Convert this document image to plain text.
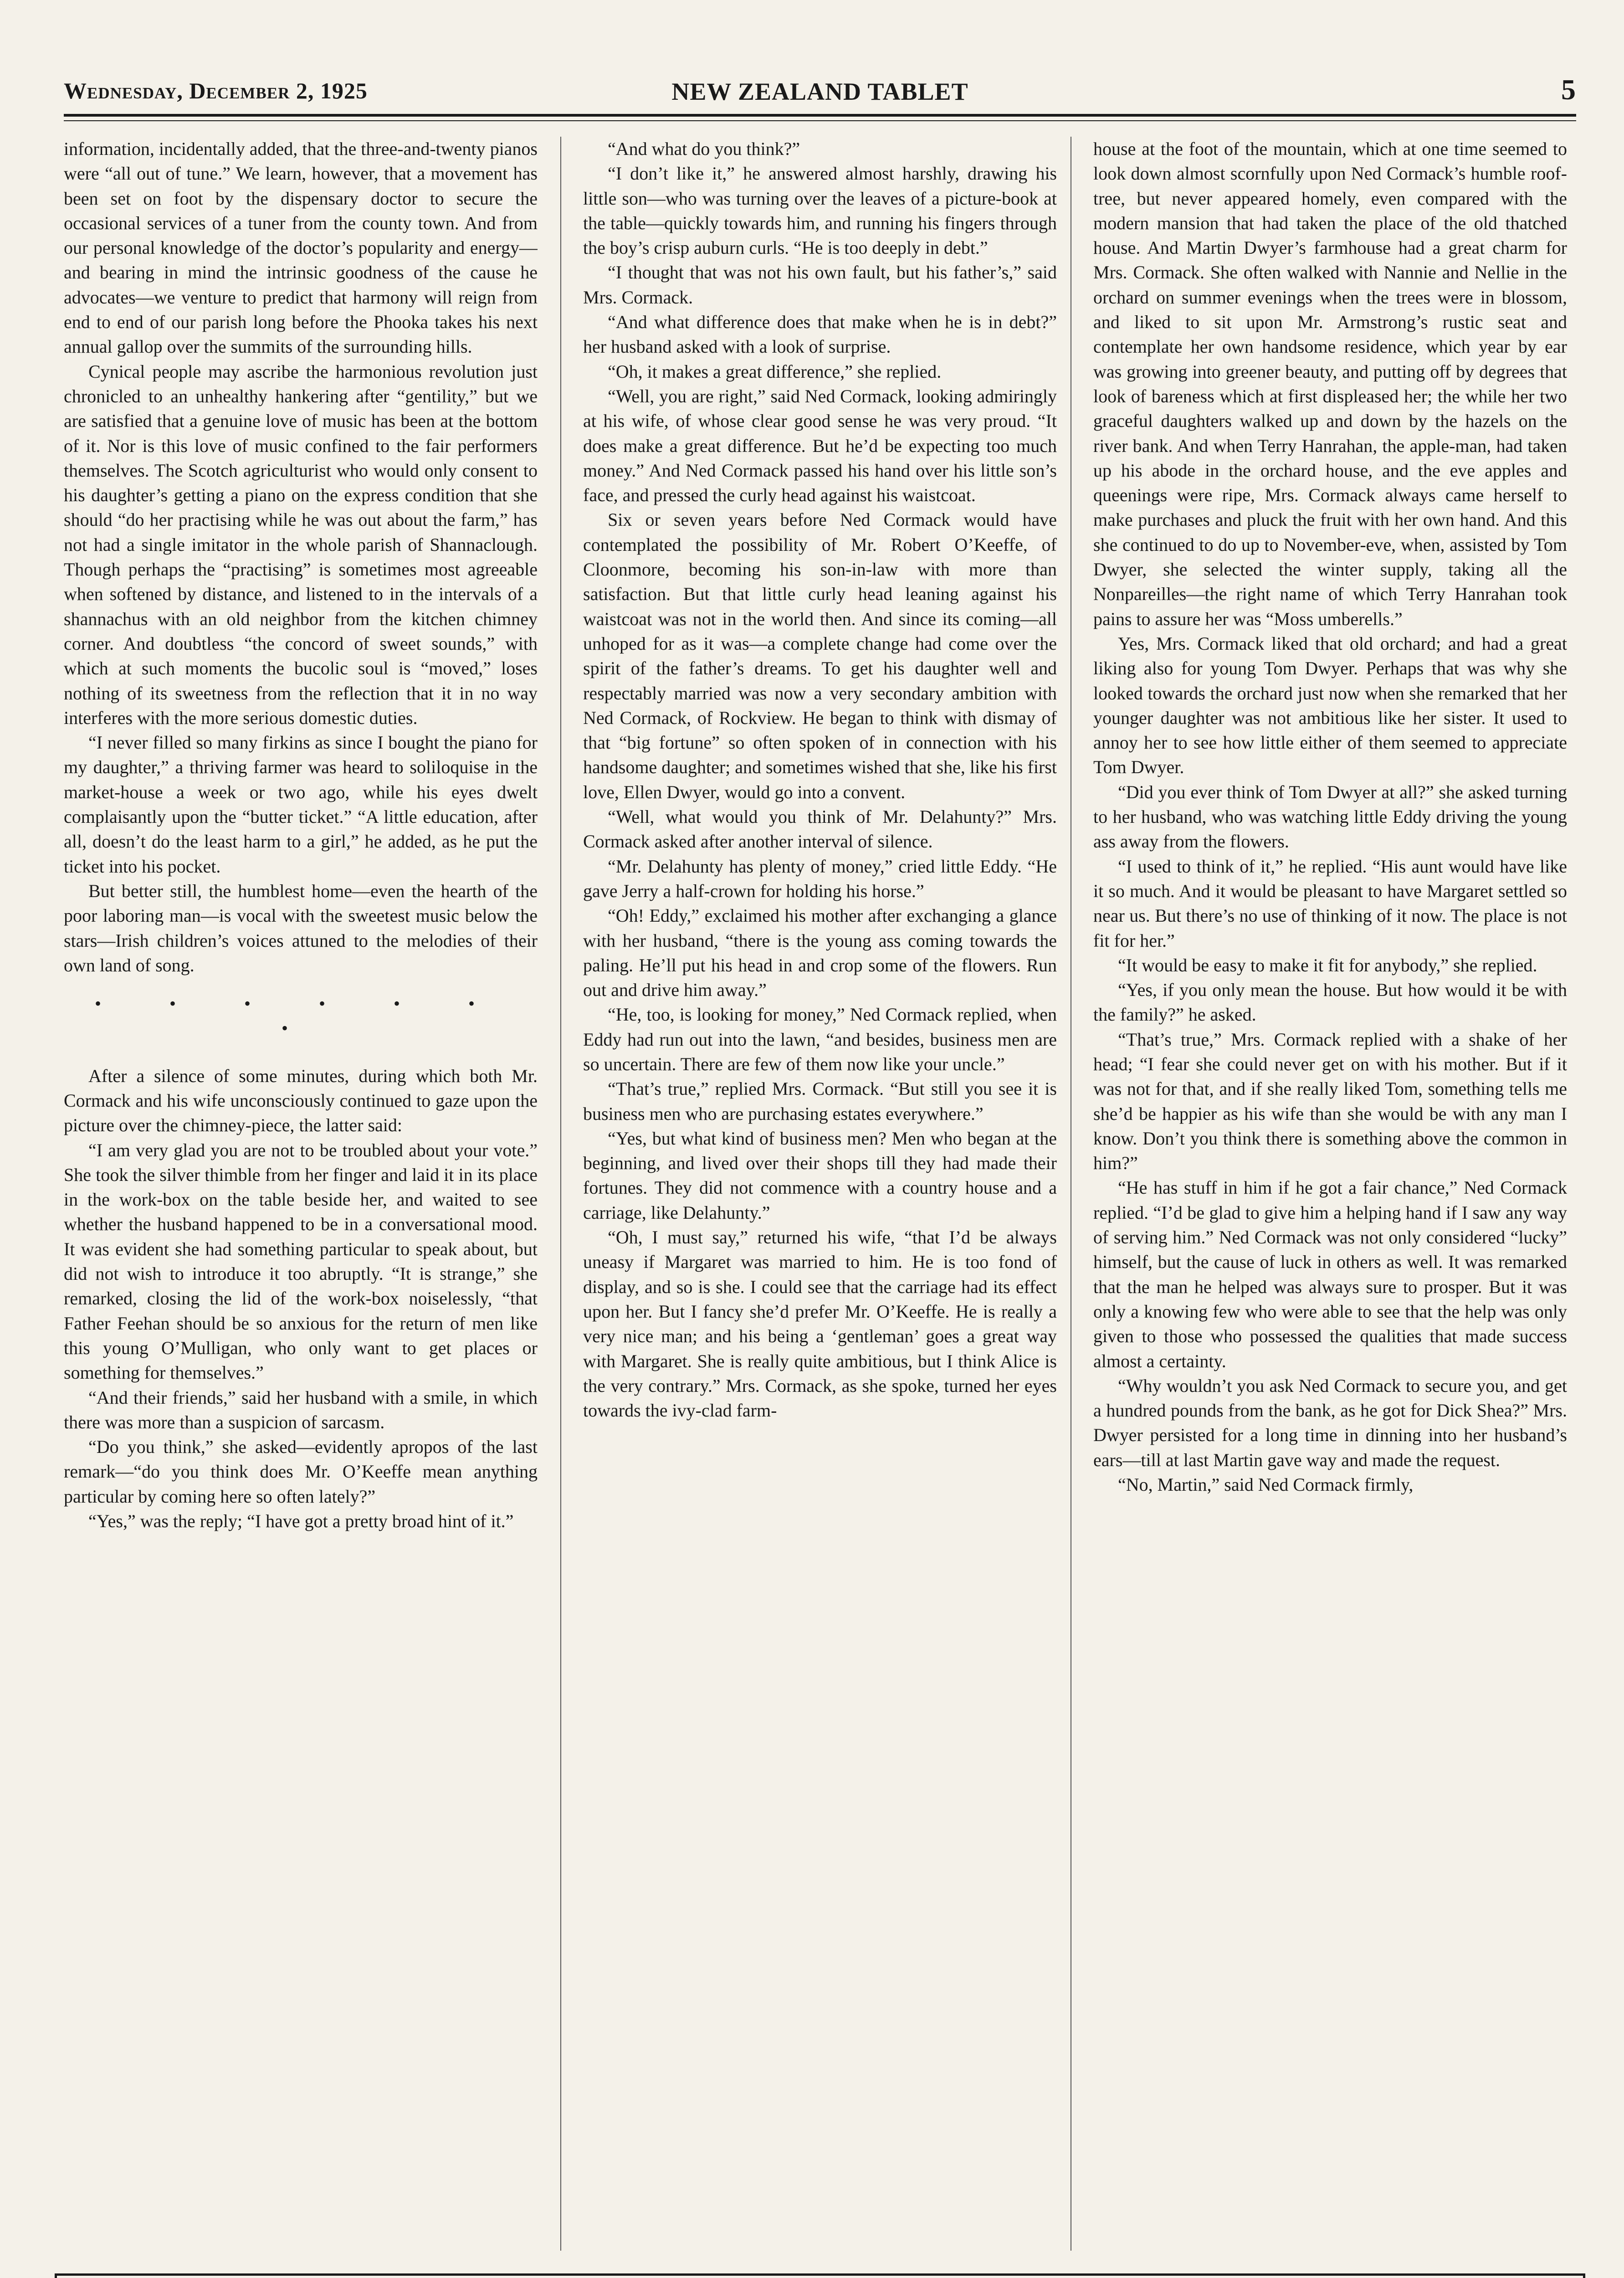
Wednesday, December 2, 1925	NEW ZEALAND TABLET	5

information, incidentally added, that the three-and-twenty pianos were “all out of tune.” We learn, however, that a movement has been set on foot by the dispensary doctor to secure the occasional services of a tuner from the county town. And from our personal knowledge of the doctor’s popularity and energy—and bearing in mind the intrinsic goodness of the cause he advocates—we venture to predict that harmony will reign from end to end of our parish long before the Phooka takes his next annual gallop over the summits of the surrounding hills.

Cynical people may ascribe the harmonious revolution just chronicled to an unhealthy hankering after “gentility,” but we are satisfied that a genuine love of music has been at the bottom of it. Nor is this love of music confined to the fair performers themselves. The Scotch agriculturist who would only consent to his daughter’s getting a piano on the express condition that she should “do her practising while he was out about the farm,” has not had a single imitator in the whole parish of Shannaclough. Though perhaps the “practising” is sometimes most agreeable when softened by distance, and listened to in the intervals of a shannachus with an old neighbor from the kitchen chimney corner. And doubtless “the concord of sweet sounds,” with which at such moments the bucolic soul is “moved,” loses nothing of its sweetness from the reflection that it in no way interferes with the more serious domestic duties.

“I never filled so many firkins as since I bought the piano for my daughter,” a thriving farmer was heard to soliloquise in the market-house a week or two ago, while his eyes dwelt complaisantly upon the “butter ticket.” “A little education, after all, doesn’t do the least harm to a girl,” he added, as he put the ticket into his pocket.

But better still, the humblest home—even the hearth of the poor laboring man—is vocal with the sweetest music below the stars—Irish children’s voices attuned to the melodies of their own land of song.

• • • • • • •

After a silence of some minutes, during which both Mr. Cormack and his wife unconsciously continued to gaze upon the picture over the chimney-piece, the latter said:

“I am very glad you are not to be troubled about your vote.” She took the silver thimble from her finger and laid it in its place in the work-box on the table beside her, and waited to see whether the husband happened to be in a conversational mood. It was evident she had something particular to speak about, but did not wish to introduce it too abruptly. “It is strange,” she remarked, closing the lid of the work-box noiselessly, “that Father Feehan should be so anxious for the return of men like this young O’Mulligan, who only want to get places or something for themselves.”

“And their friends,” said her husband with a smile, in which there was more than a suspicion of sarcasm.

“Do you think,” she asked—evidently apropos of the last remark—“do you think does Mr. O’Keeffe mean anything particular by coming here so often lately?”

“Yes,” was the reply; “I have got a pretty broad hint of it.”

“And what do you think?”

“I don’t like it,” he answered almost harshly, drawing his little son—who was turning over the leaves of a picture-book at the table—quickly towards him, and running his fingers through the boy’s crisp auburn curls. “He is too deeply in debt.”

“I thought that was not his own fault, but his father’s,” said Mrs. Cormack.

“And what difference does that make when he is in debt?” her husband asked with a look of surprise.

“Oh, it makes a great difference,” she replied.

“Well, you are right,” said Ned Cormack, looking admiringly at his wife, of whose clear good sense he was very proud. “It does make a great difference. But he’d be expecting too much money.” And Ned Cormack passed his hand over his little son’s face, and pressed the curly head against his waistcoat.

Six or seven years before Ned Cormack would have contemplated the possibility of Mr. Robert O’Keeffe, of Cloonmore, becoming his son-in-law with more than satisfaction. But that little curly head leaning against his waistcoat was not in the world then. And since its coming—all unhoped for as it was—a complete change had come over the spirit of the father’s dreams. To get his daughter well and respectably married was now a very secondary ambition with Ned Cormack, of Rockview. He began to think with dismay of that “big fortune” so often spoken of in connection with his handsome daughter; and sometimes wished that she, like his first love, Ellen Dwyer, would go into a convent.

“Well, what would you think of Mr. Delahunty?” Mrs. Cormack asked after another interval of silence.

“Mr. Delahunty has plenty of money,” cried little Eddy. “He gave Jerry a half-crown for holding his horse.”

“Oh! Eddy,” exclaimed his mother after exchanging a glance with her husband, “there is the young ass coming towards the paling. He’ll put his head in and crop some of the flowers. Run out and drive him away.”

“He, too, is looking for money,” Ned Cormack replied, when Eddy had run out into the lawn, “and besides, business men are so uncertain. There are few of them now like your uncle.”

“That’s true,” replied Mrs. Cormack. “But still you see it is business men who are purchasing estates everywhere.”

“Yes, but what kind of business men? Men who began at the beginning, and lived over their shops till they had made their fortunes. They did not commence with a country house and a carriage, like Delahunty.”

“Oh, I must say,” returned his wife, “that I’d be always uneasy if Margaret was married to him. He is too fond of display, and so is she. I could see that the carriage had its effect upon her. But I fancy she’d prefer Mr. O’Keeffe. He is really a very nice man; and his being a ‘gentleman’ goes a great way with Margaret. She is really quite ambitious, but I think Alice is the very contrary.” Mrs. Cormack, as she spoke, turned her eyes towards the ivy-clad farm-

house at the foot of the mountain, which at one time seemed to look down almost scornfully upon Ned Cormack’s humble roof-tree, but never appeared homely, even compared with the modern mansion that had taken the place of the old thatched house. And Martin Dwyer’s farmhouse had a great charm for Mrs. Cormack. She often walked with Nannie and Nellie in the orchard on summer evenings when the trees were in blossom, and liked to sit upon Mr. Armstrong’s rustic seat and contemplate her own handsome residence, which year by ear was growing into greener beauty, and putting off by degrees that look of bareness which at first displeased her; the while her two graceful daughters walked up and down by the hazels on the river bank. And when Terry Hanrahan, the apple-man, had taken up his abode in the orchard house, and the eve apples and queenings were ripe, Mrs. Cormack always came herself to make purchases and pluck the fruit with her own hand. And this she continued to do up to November-eve, when, assisted by Tom Dwyer, she selected the winter supply, taking all the Nonpareilles—the right name of which Terry Hanrahan took pains to assure her was “Moss umberells.”

Yes, Mrs. Cormack liked that old orchard; and had a great liking also for young Tom Dwyer. Perhaps that was why she looked towards the orchard just now when she remarked that her younger daughter was not ambitious like her sister. It used to annoy her to see how little either of them seemed to appreciate Tom Dwyer.

“Did you ever think of Tom Dwyer at all?” she asked turning to her husband, who was watching little Eddy driving the young ass away from the flowers.

“I used to think of it,” he replied. “His aunt would have like it so much. And it would be pleasant to have Margaret settled so near us. But there’s no use of thinking of it now. The place is not fit for her.”

“It would be easy to make it fit for anybody,” she replied.

“Yes, if you only mean the house. But how would it be with the family?” he asked.

“That’s true,” Mrs. Cormack replied with a shake of her head; “I fear she could never get on with his mother. But if it was not for that, and if she really liked Tom, something tells me she’d be happier as his wife than she would be with any man I know. Don’t you think there is something above the common in him?”

“He has stuff in him if he got a fair chance,” Ned Cormack replied. “I’d be glad to give him a helping hand if I saw any way of serving him.” Ned Cormack was not only considered “lucky” himself, but the cause of luck in others as well. It was remarked that the man he helped was always sure to prosper. But it was only a knowing few who were able to see that the help was only given to those who possessed the qualities that made success almost a certainty.

“Why wouldn’t you ask Ned Cormack to secure you, and get a hundred pounds from the bank, as he got for Dick Shea?” Mrs. Dwyer persisted for a long time in dinning into her husband’s ears—till at last Martin gave way and made the request.

“No, Martin,” said Ned Cormack firmly,
